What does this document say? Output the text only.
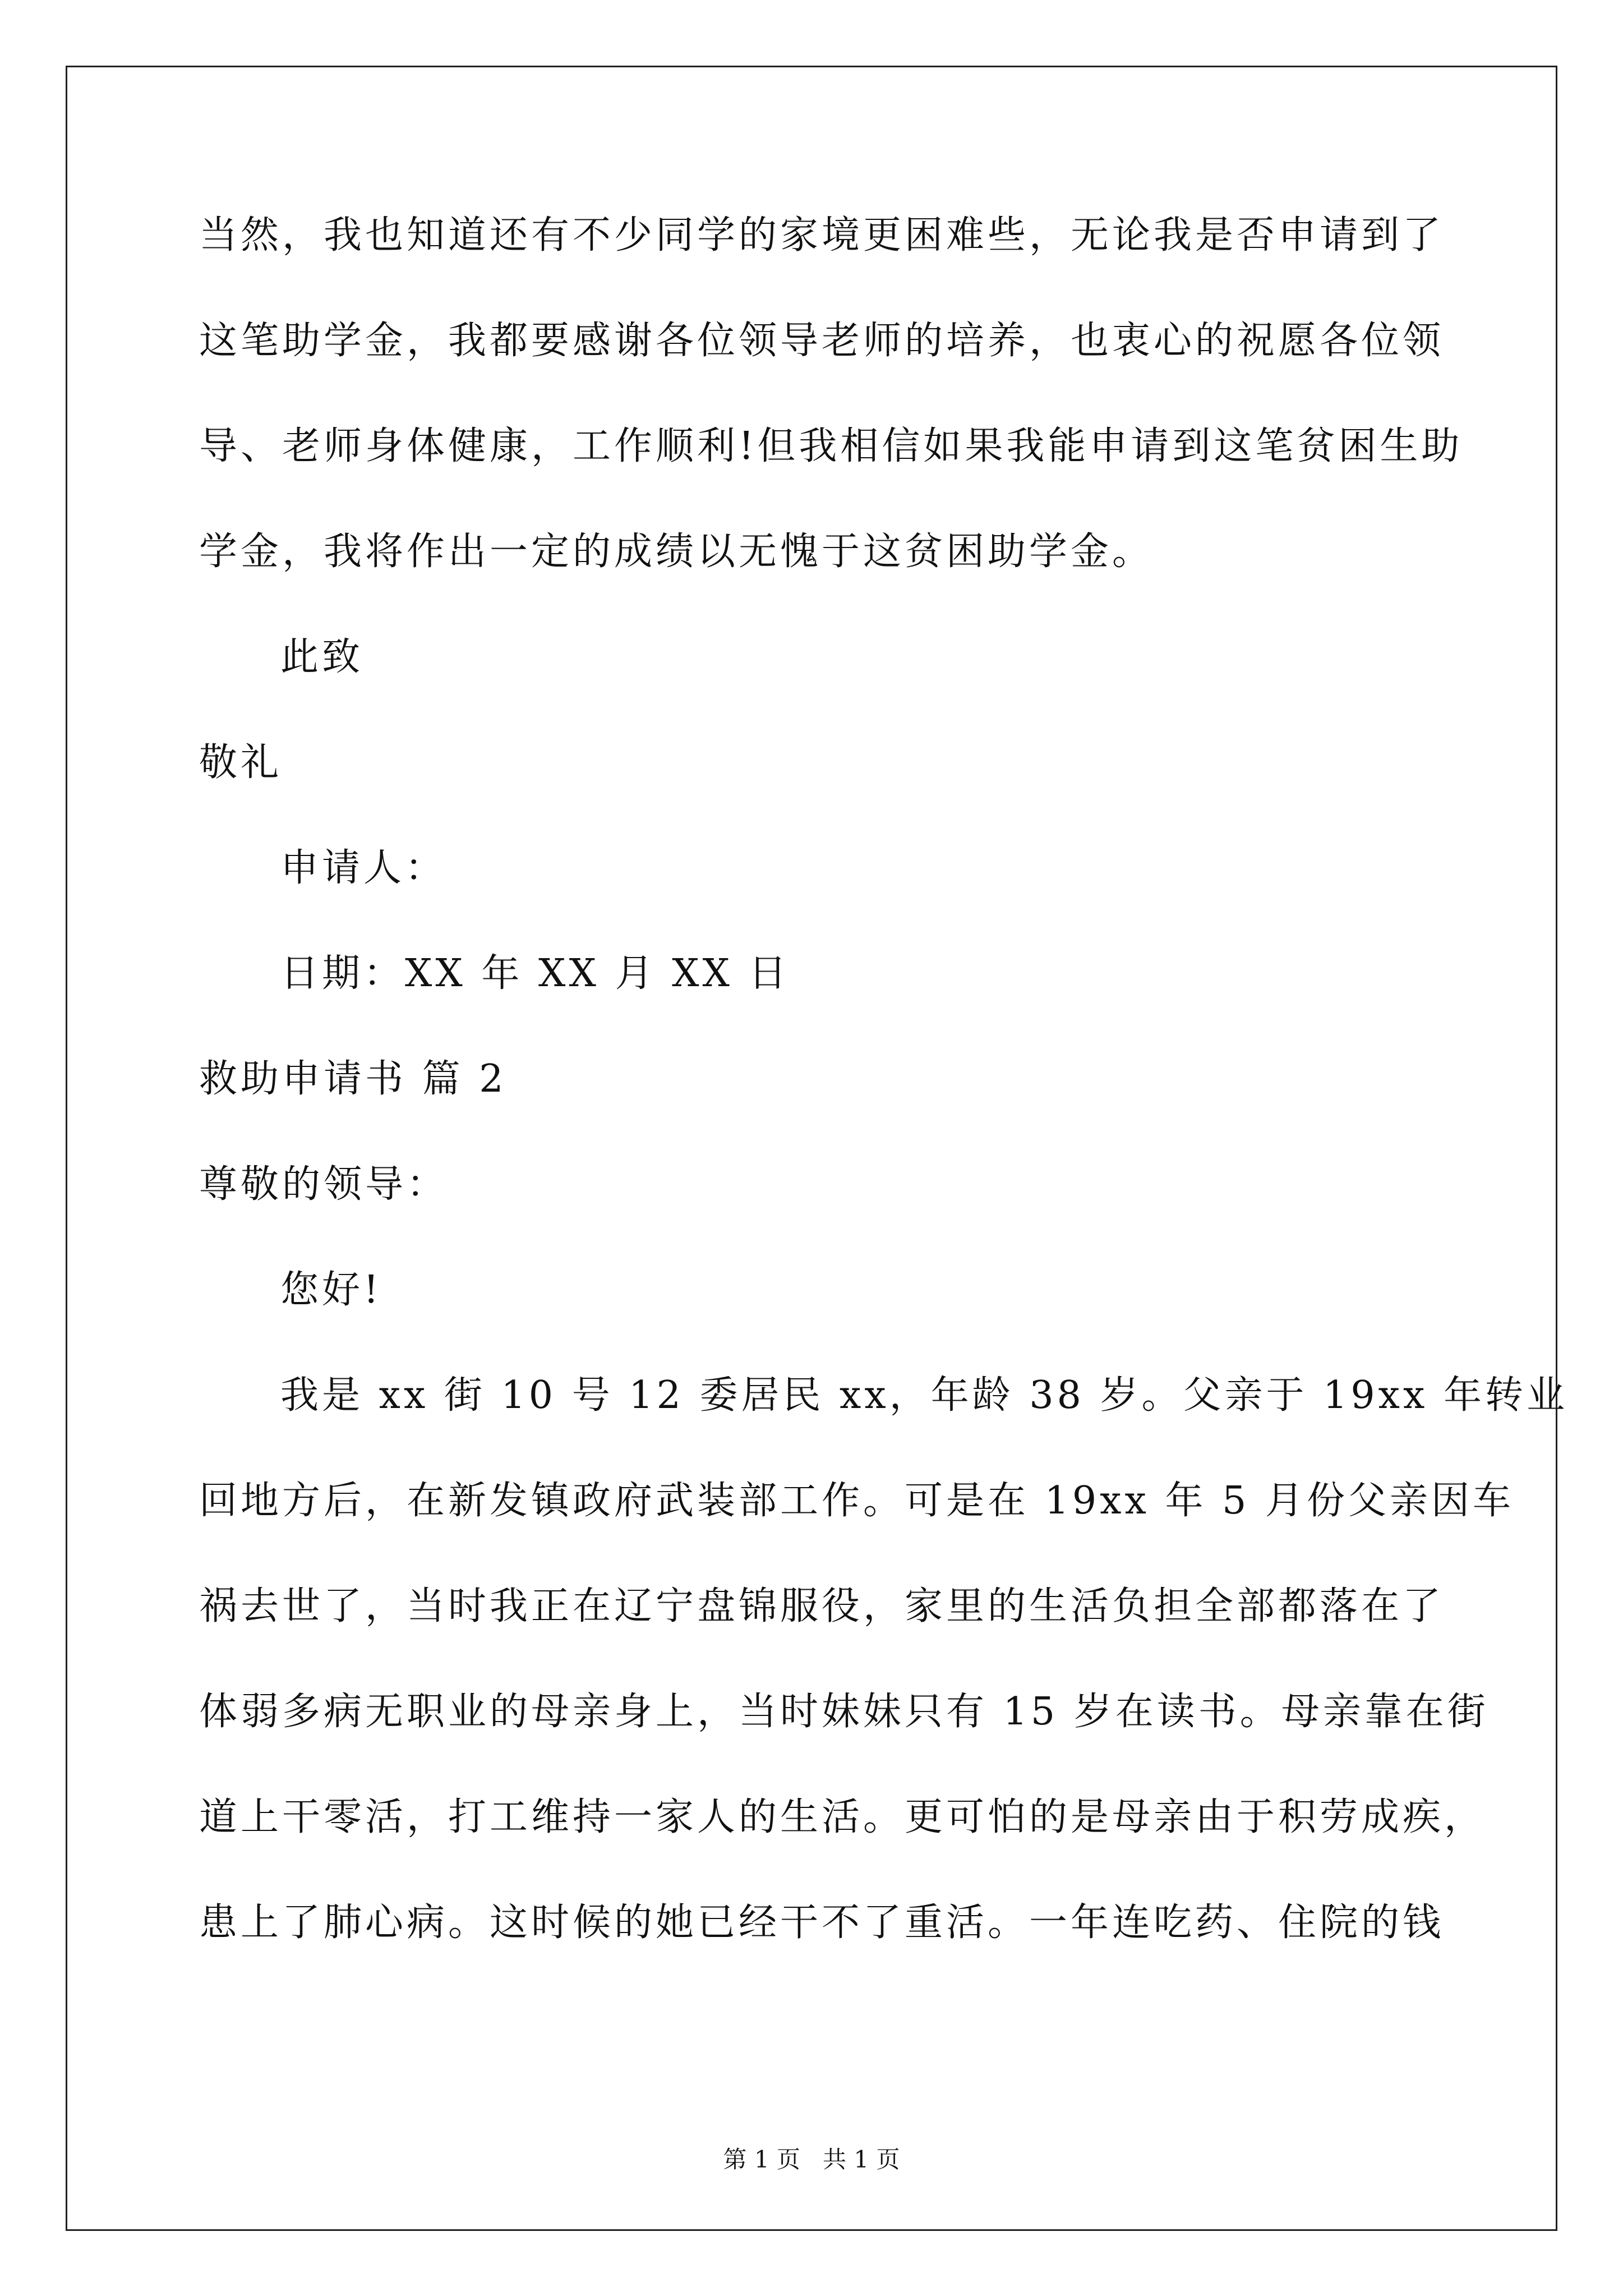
当然，我也知道还有不少同学的家境更困难些，无论我是否申请到了
这笔助学金，我都要感谢各位领导老师的培养，也衷心的祝愿各位领
导、老师身体健康，工作顺利!但我相信如果我能申请到这笔贫困生助
学金，我将作出一定的成绩以无愧于这贫困助学金。
此致
敬礼
申请人：
日期：XX 年 XX 月 XX 日
救助申请书 篇 2
尊敬的领导：
您好!
我是 xx 街 10 号 12 委居民 xx，年龄 38 岁。父亲于 19xx 年转业
回地方后，在新发镇政府武装部工作。可是在 19xx 年 5 月份父亲因车
祸去世了，当时我正在辽宁盘锦服役，家里的生活负担全部都落在了
体弱多病无职业的母亲身上，当时妹妹只有 15 岁在读书。母亲靠在街
道上干零活，打工维持一家人的生活。更可怕的是母亲由于积劳成疾，
患上了肺心病。这时候的她已经干不了重活。一年连吃药、住院的钱
第 1 页   共 1 页
